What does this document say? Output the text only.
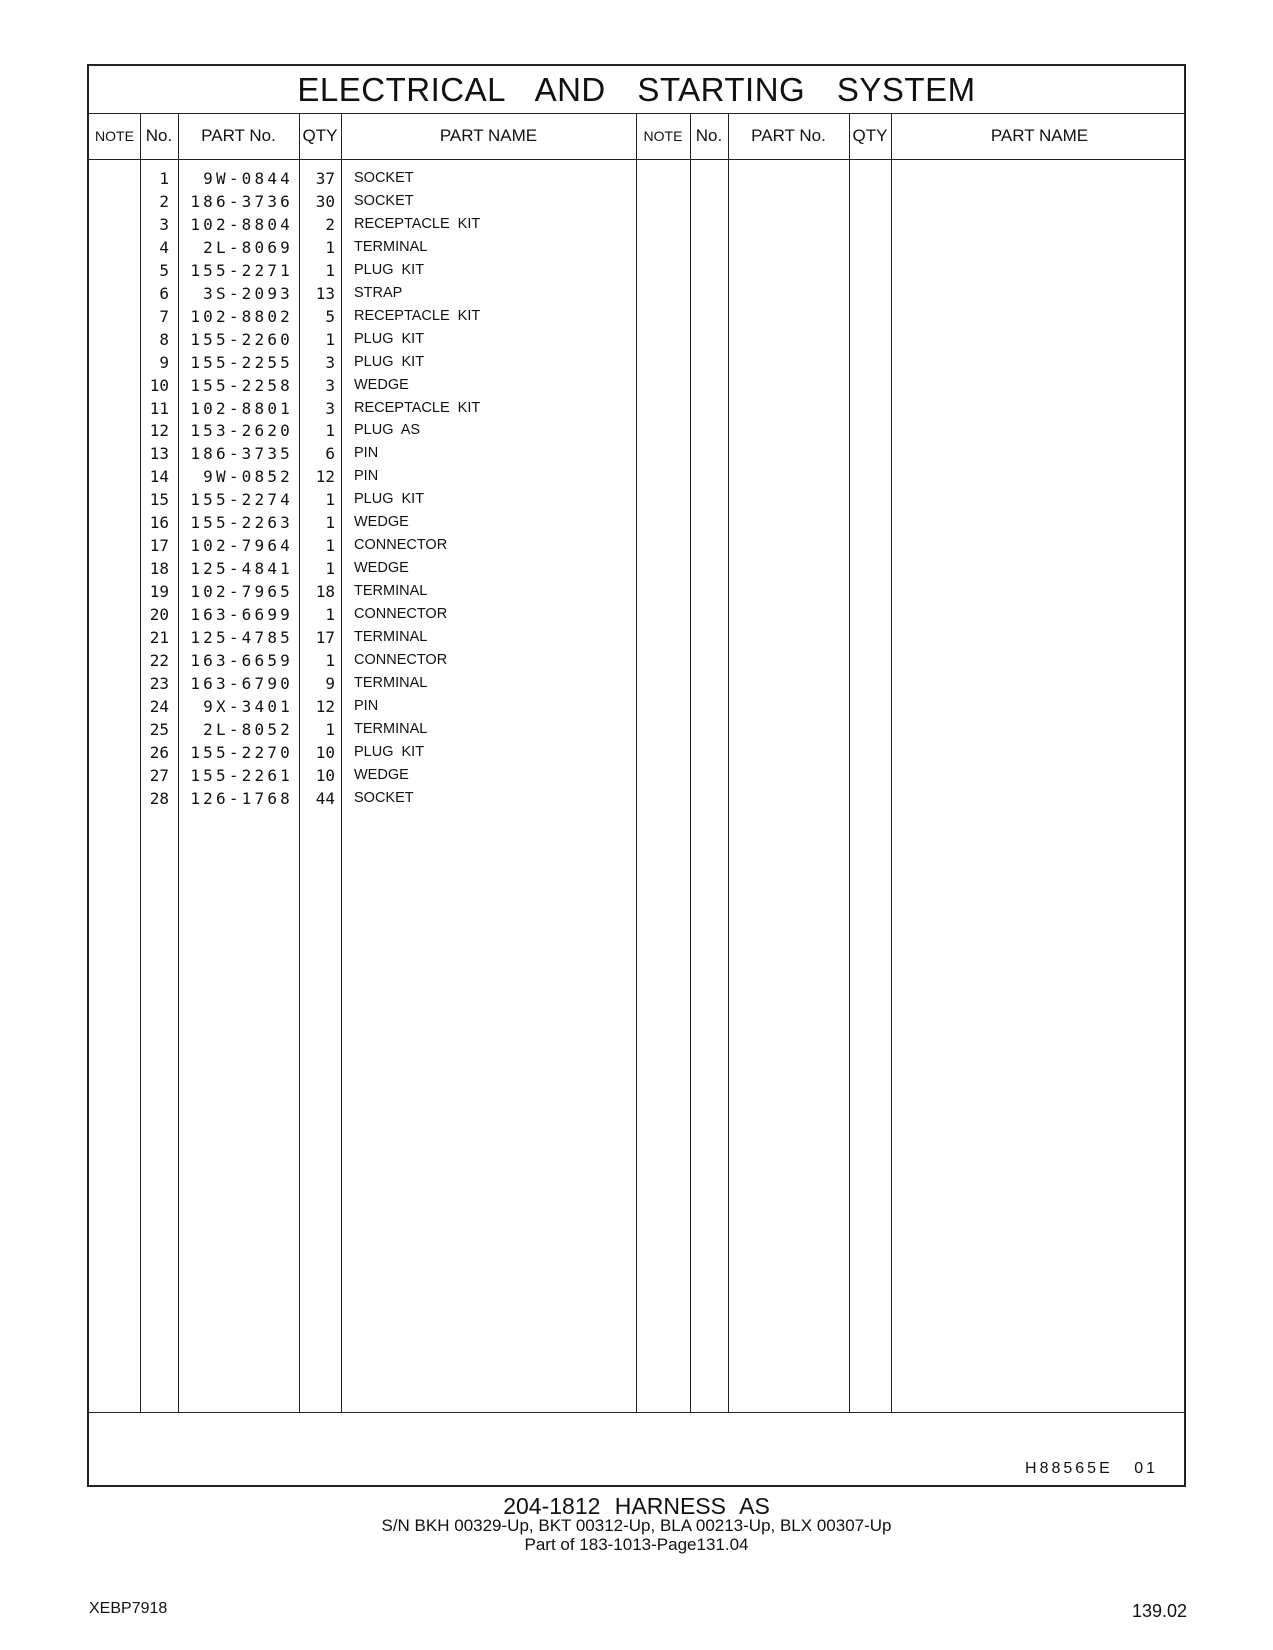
ELECTRICAL AND STARTING SYSTEM
NOTE No.	PART No.	QTY	PART NAME	NOTE No.	PART No.	QTY	PART NAME
1	9W-0844 37 SOCKET
2	186-3736 30 SOCKET
3	102-8804	2 RECEPTACLE KIT
4	2L-8069	1 TERMINAL
5	155-2271	1 PLUG KIT
6	3S-2093 13 STRAP
7	102-8802	5 RECEPTACLE KIT
8	155-2260	1 PLUG KIT
9	155-2255	3 PLUG KIT
10	155-2258	3 WEDGE
11	102-8801	3 RECEPTACLE KIT
12	153-2620	1 PLUG AS
13	186-3735	6 PIN
14	9W-0852 12 PIN
15	155-2274	1 PLUG KIT
16	155-2263	1 WEDGE
17	102-7964	1 CONNECTOR
18	125-4841	1 WEDGE
19	102-7965 18 TERMINAL
20	163-6699	1 CONNECTOR
21	125-4785 17 TERMINAL
22	163-6659	1 CONNECTOR
23	163-6790	9 TERMINAL
24	9X-3401 12 PIN
25	2L-8052	1 TERMINAL
26	155-2270 10 PLUG KIT
27	155-2261 10 WEDGE
28	126-1768 44 SOCKET
H88565E 01
204-1812 HARNESS AS
S/N BKH 00329-Up, BKT 00312-Up, BLA 00213-Up, BLX 00307-Up
Part of 183-1013-Page131.04
XEBP7918	139.02
